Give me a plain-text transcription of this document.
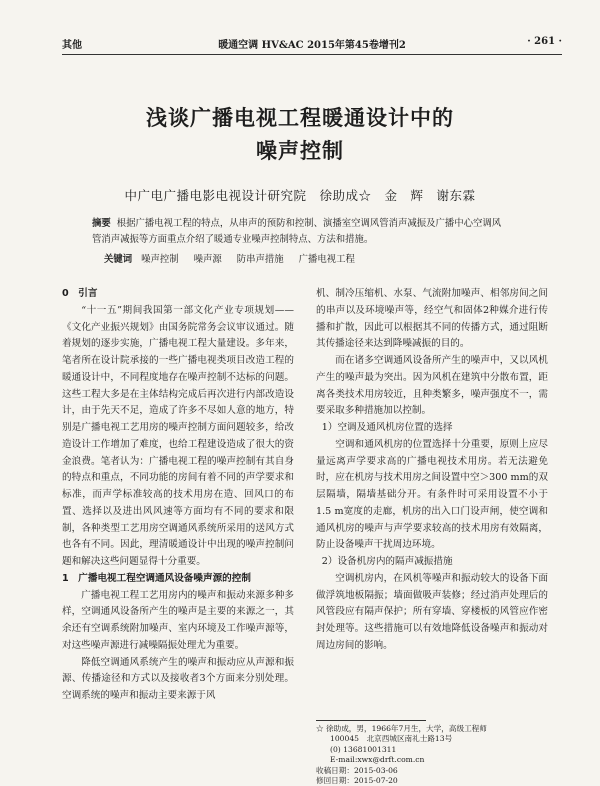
其他	暖通空调 HV&AC 2015年第45卷增刊2	· 261 ·
浅谈广播电视工程暖通设计中的
噪声控制
中广电广播电影电视设计研究院　徐助成☆　金　辉　谢东霖
摘要 根据广播电视工程的特点，从串声的预防和控制、演播室空调风管消声减振及广播中心空调风管消声减振等方面重点介绍了暖通专业噪声控制特点、方法和措施。
关键词 噪声控制 噪声源 防串声措施 广播电视工程

0　引言

“十一五”期间我国第一部文化产业专项规划——《文化产业振兴规划》由国务院常务会议审议通过。随着规划的逐步实施，广播电视工程大量建设。多年来，笔者所在设计院承接的一些广播电视类项目改造工程的暖通设计中，不同程度地存在噪声控制不达标的问题。这些工程大多是在主体结构完成后再次进行内部改造设计，由于先天不足，造成了许多不尽如人意的地方，特别是广播电视工艺用房的噪声控制方面问题较多，给改造设计工作增加了难度，也给工程建设造成了很大的资金浪费。笔者认为：广播电视工程的噪声控制有其自身的特点和重点，不同功能的房间有着不同的声学要求和标准，而声学标准较高的技术用房在造、回风口的布置、选择以及进出风风速等方面均有不同的要求和限制，各种类型工艺用房空调通风系统所采用的送风方式也各有不同。因此，理清暖通设计中出现的噪声控制问题和解决这些问题显得十分重要。

1　广播电视工程空调通风设备噪声源的控制

广播电视工程工艺用房内的噪声和振动来源多种多样，空调通风设备所产生的噪声是主要的来源之一，其余还有空调系统附加噪声、室内环境及工作噪声源等，对这些噪声源进行减噪隔振处理尤为重要。

降低空调通风系统产生的噪声和振动应从声源和振源、传播途径和方式以及接收者3个方面来分别处理。空调系统的噪声和振动主要来源于风

机、制冷压缩机、水泵、气流附加噪声、相邻房间之间的串声以及环境噪声等，经空气和固体2种媒介进行传播和扩散，因此可以根据其不同的传播方式，通过阻断其传播途径来达到降噪减振的目的。

而在诸多空调通风设备所产生的噪声中，又以风机产生的噪声最为突出。因为风机在建筑中分散布置，距离各类技术用房较近，且种类繁多，噪声强度不一，需要采取多种措施加以控制。

1）空调及通风机房位置的选择

空调和通风机房的位置选择十分重要，原则上应尽量远离声学要求高的广播电视技术用房。若无法避免时，应在机房与技术用房之间设置中空＞300 mm的双层隔墙，隔墙基础分开。有条件时可采用设置不小于1.5 m宽度的走廊，机房的出入口门设声闸，使空调和通风机房的噪声与声学要求较高的技术用房有效隔离，防止设备噪声干扰周边环境。

2）设备机房内的隔声减振措施

空调机房内，在风机等噪声和振动较大的设备下面做浮筑地板隔振；墙面做吸声装修；经过消声处理后的风管段应有隔声保护；所有穿墙、穿楼板的风管应作密封处理等。这些措施可以有效地降低设备噪声和振动对周边房间的影响。

☆ 徐助成，男，1966年7月生，大学，高级工程师
100045　北京西城区南礼士路13号
(0) 13681001311
E-mail:xwx@drft.com.cn
收稿日期：2015-03-06
修回日期：2015-07-20
